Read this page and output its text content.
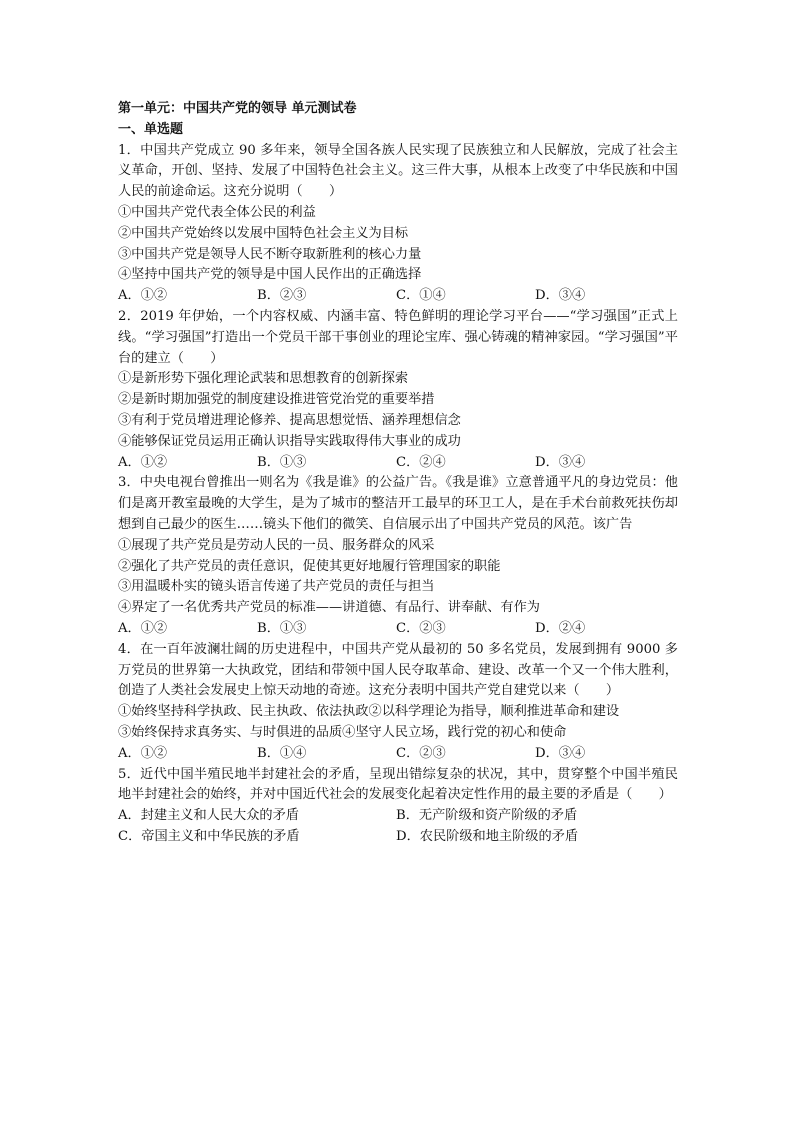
第一单元：中国共产党的领导 单元测试卷
一、单选题
1．中国共产党成立 90 多年来，领导全国各族人民实现了民族独立和人民解放，完成了社会主义革命，开创、坚持、发展了中国特色社会主义。这三件大事，从根本上改变了中华民族和中国人民的前途命运。这充分说明（　　）
①中国共产党代表全体公民的利益
②中国共产党始终以发展中国特色社会主义为目标
③中国共产党是领导人民不断夺取新胜利的核心力量
④坚持中国共产党的领导是中国人民作出的正确选择
A．①②	B．②③	C．①④	D．③④
2．2019 年伊始，一个内容权威、内涵丰富、特色鲜明的理论学习平台——“学习强国”正式上线。“学习强国”打造出一个党员干部干事创业的理论宝库、强心铸魂的精神家园。“学习强国”平台的建立（　　）
①是新形势下强化理论武装和思想教育的创新探索
②是新时期加强党的制度建设推进管党治党的重要举措
③有利于党员增进理论修养、提高思想觉悟、涵养理想信念
④能够保证党员运用正确认识指导实践取得伟大事业的成功
A．①②	B．①③	C．②④	D．③④
3．中央电视台曾推出一则名为《我是谁》的公益广告。《我是谁》立意普通平凡的身边党员：他们是离开教室最晚的大学生，是为了城市的整洁开工最早的环卫工人，是在手术台前救死扶伤却想到自己最少的医生……镜头下他们的微笑、自信展示出了中国共产党员的风范。该广告
①展现了共产党员是劳动人民的一员、服务群众的风采
②强化了共产党员的责任意识，促使其更好地履行管理国家的职能
③用温暖朴实的镜头语言传递了共产党员的责任与担当
④界定了一名优秀共产党员的标准——讲道德、有品行、讲奉献、有作为
A．①②	B．①③	C．②③	D．②④
4．在一百年波澜壮阔的历史进程中，中国共产党从最初的 50 多名党员，发展到拥有 9000 多万党员的世界第一大执政党，团结和带领中国人民夺取革命、建设、改革一个又一个伟大胜利，创造了人类社会发展史上惊天动地的奇迹。这充分表明中国共产党自建党以来（　　）
①始终坚持科学执政、民主执政、依法执政②以科学理论为指导，顺利推进革命和建设
③始终保持求真务实、与时俱进的品质④坚守人民立场，践行党的初心和使命
A．①②	B．①④	C．②③	D．③④
5．近代中国半殖民地半封建社会的矛盾，呈现出错综复杂的状况，其中，贯穿整个中国半殖民地半封建社会的始终，并对中国近代社会的发展变化起着决定性作用的最主要的矛盾是（　　）
A．封建主义和人民大众的矛盾	B．无产阶级和资产阶级的矛盾
C．帝国主义和中华民族的矛盾	D．农民阶级和地主阶级的矛盾
